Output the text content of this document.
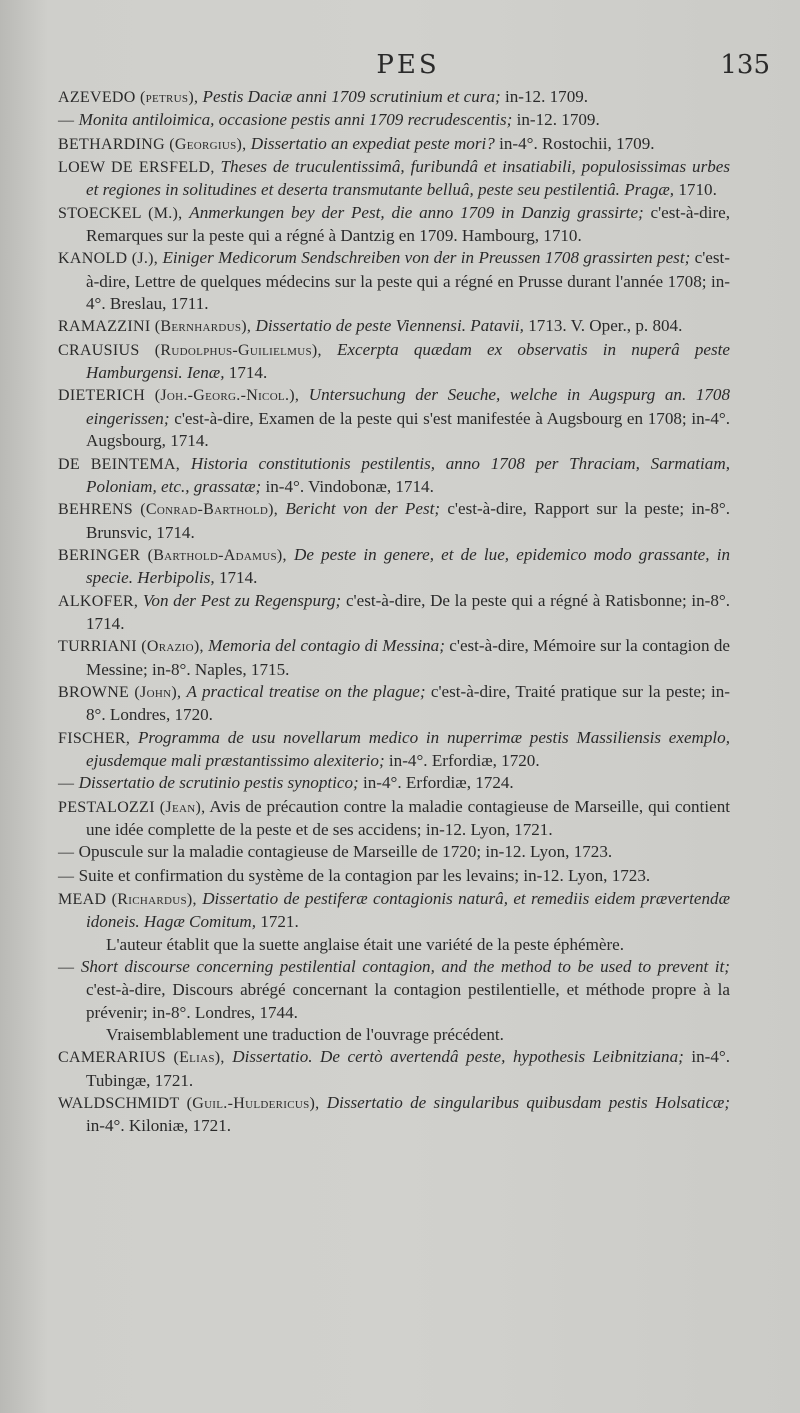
PES	135

AZEVEDO (petrus), Pestis Daciæ anni 1709 scrutinium et cura; in-12. 1709.

— Monita antiloimica, occasione pestis anni 1709 recrudescentis; in-12. 1709.

BETHARDING (Georgius), Dissertatio an expediat peste mori? in-4°. Rostochii, 1709.

LOEW DE ERSFELD, Theses de truculentissimâ, furibundâ et insatiabili, populosissimas urbes et regiones in solitudines et deserta transmutante belluâ, peste seu pestilentiâ. Pragæ, 1710.

STOECKEL (M.), Anmerkungen bey der Pest, die anno 1709 in Danzig grassirte; c'est-à-dire, Remarques sur la peste qui a régné à Dantzig en 1709. Hambourg, 1710.

KANOLD (J.), Einiger Medicorum Sendschreiben von der in Preussen 1708 grassirten pest; c'est-à-dire, Lettre de quelques médecins sur la peste qui a régné en Prusse durant l'année 1708; in-4°. Breslau, 1711.

RAMAZZINI (Bernhardus), Dissertatio de peste Viennensi. Patavii, 1713. V. Oper., p. 804.

CRAUSIUS (Rudolphus-Guilielmus), Excerpta quædam ex observatis in nuperâ peste Hamburgensi. Ienæ, 1714.

DIETERICH (Joh.-Georg.-Nicol.), Untersuchung der Seuche, welche in Augspurg an. 1708 eingerissen; c'est-à-dire, Examen de la peste qui s'est manifestée à Augsbourg en 1708; in-4°. Augsbourg, 1714.

DE BEINTEMA, Historia constitutionis pestilentis, anno 1708 per Thraciam, Sarmatiam, Poloniam, etc., grassatæ; in-4°. Vindobonæ, 1714.

BEHRENS (Conrad-Barthold), Bericht von der Pest; c'est-à-dire, Rapport sur la peste; in-8°. Brunsvic, 1714.

BERINGER (Barthold-Adamus), De peste in genere, et de lue, epidemico modo grassante, in specie. Herbipolis, 1714.

ALKOFER, Von der Pest zu Regenspurg; c'est-à-dire, De la peste qui a régné à Ratisbonne; in-8°. 1714.

TURRIANI (Orazio), Memoria del contagio di Messina; c'est-à-dire, Mémoire sur la contagion de Messine; in-8°. Naples, 1715.

BROWNE (John), A practical treatise on the plague; c'est-à-dire, Traité pratique sur la peste; in-8°. Londres, 1720.

FISCHER, Programma de usu novellarum medico in nuperrimæ pestis Massiliensis exemplo, ejusdemque mali præstantissimo alexiterio; in-4°. Erfordiæ, 1720.

— Dissertatio de scrutinio pestis synoptico; in-4°. Erfordiæ, 1724.

PESTALOZZI (Jean), Avis de précaution contre la maladie contagieuse de Marseille, qui contient une idée complette de la peste et de ses accidens; in-12. Lyon, 1721.

— Opuscule sur la maladie contagieuse de Marseille de 1720; in-12. Lyon, 1723.

— Suite et confirmation du système de la contagion par les levains; in-12. Lyon, 1723.

MEAD (Richardus), Dissertatio de pestiferæ contagionis naturâ, et remediis eidem prævertendæ idoneis. Hagæ Comitum, 1721.

L'auteur établit que la suette anglaise était une variété de la peste éphémère.

— Short discourse concerning pestilential contagion, and the method to be used to prevent it; c'est-à-dire, Discours abrégé concernant la contagion pestilentielle, et méthode propre à la prévenir; in-8°. Londres, 1744.

Vraisemblablement une traduction de l'ouvrage précédent.

CAMERARIUS (Elias), Dissertatio. De certò avertendâ peste, hypothesis Leibnitziana; in-4°. Tubingæ, 1721.

WALDSCHMIDT (Guil.-Huldericus), Dissertatio de singularibus quibusdam pestis Holsaticæ; in-4°. Kiloniæ, 1721.
